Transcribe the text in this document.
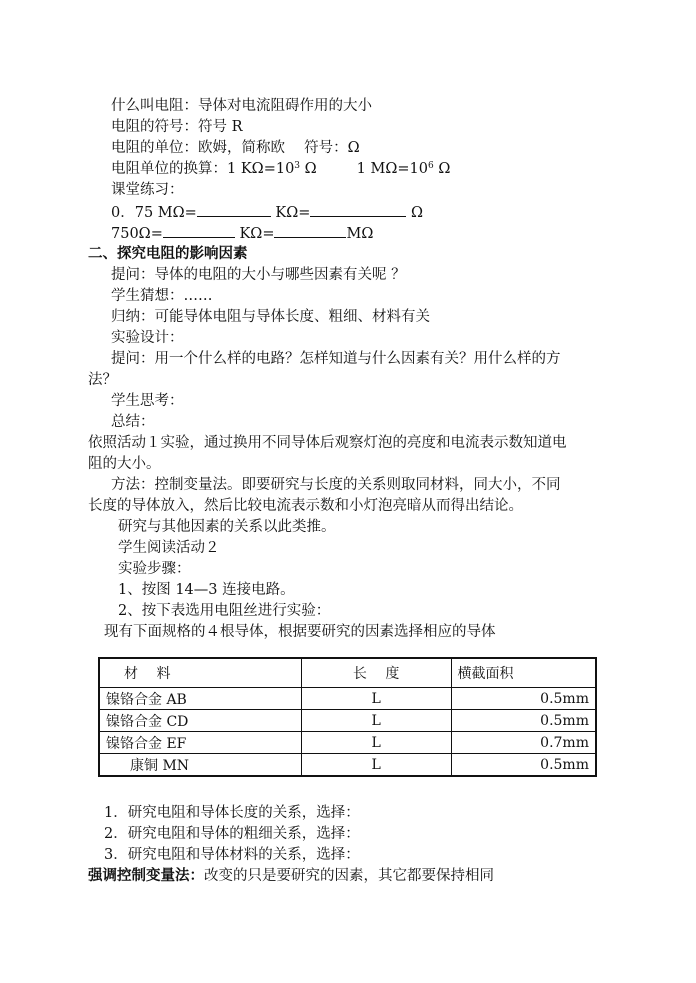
什么叫电阻：导体对电流阻碍作用的大小
电阻的符号：符号 R
电阻的单位：欧姆，简称欧　 符号：Ω
电阻单位的换算：1 $K\Omega=10^3$ Ω	1 $M\Omega=10^6$ Ω
课堂练习：
0．75 MΩ=	KΩ=	Ω
750Ω=	KΩ=	MΩ
二、探究电阻的影响因素
提问：导体的电阻的大小与哪些因素有关呢 ？
学生猜想：……
归纳：可能导体电阻与导体长度、粗细、材料有关
实验设计：
提问：用一个什么样的电路？怎样知道与什么因素有关？用什么样的方
法？
学生思考：
总结：
依照活动１实验，通过换用不同导体后观察灯泡的亮度和电流表示数知道电
阻的大小。
方法：控制变量法。即要研究与长度的关系则取同材料，同大小，不同
长度的导体放入，然后比较电流表示数和小灯泡亮暗从而得出结论。
研究与其他因素的关系以此类推。
学生阅读活动２
实验步骤：
1、按图 14—3 连接电路。
2、按下表选用电阻丝进行实验：
现有下面规格的４根导体，根据要研究的因素选择相应的导体
材　 料	长　 度	横截面积
镍铬合金 AB	L	0.5mm
镍铬合金 CD	L	0.5mm
镍铬合金 EF	L	0.7mm
康铜 MN	L	0.5mm
1．研究电阻和导体长度的关系，选择：
2．研究电阻和导体的粗细关系，选择：
3．研究电阻和导体材料的关系，选择：
强调控制变量法：改变的只是要研究的因素，其它都要保持相同
